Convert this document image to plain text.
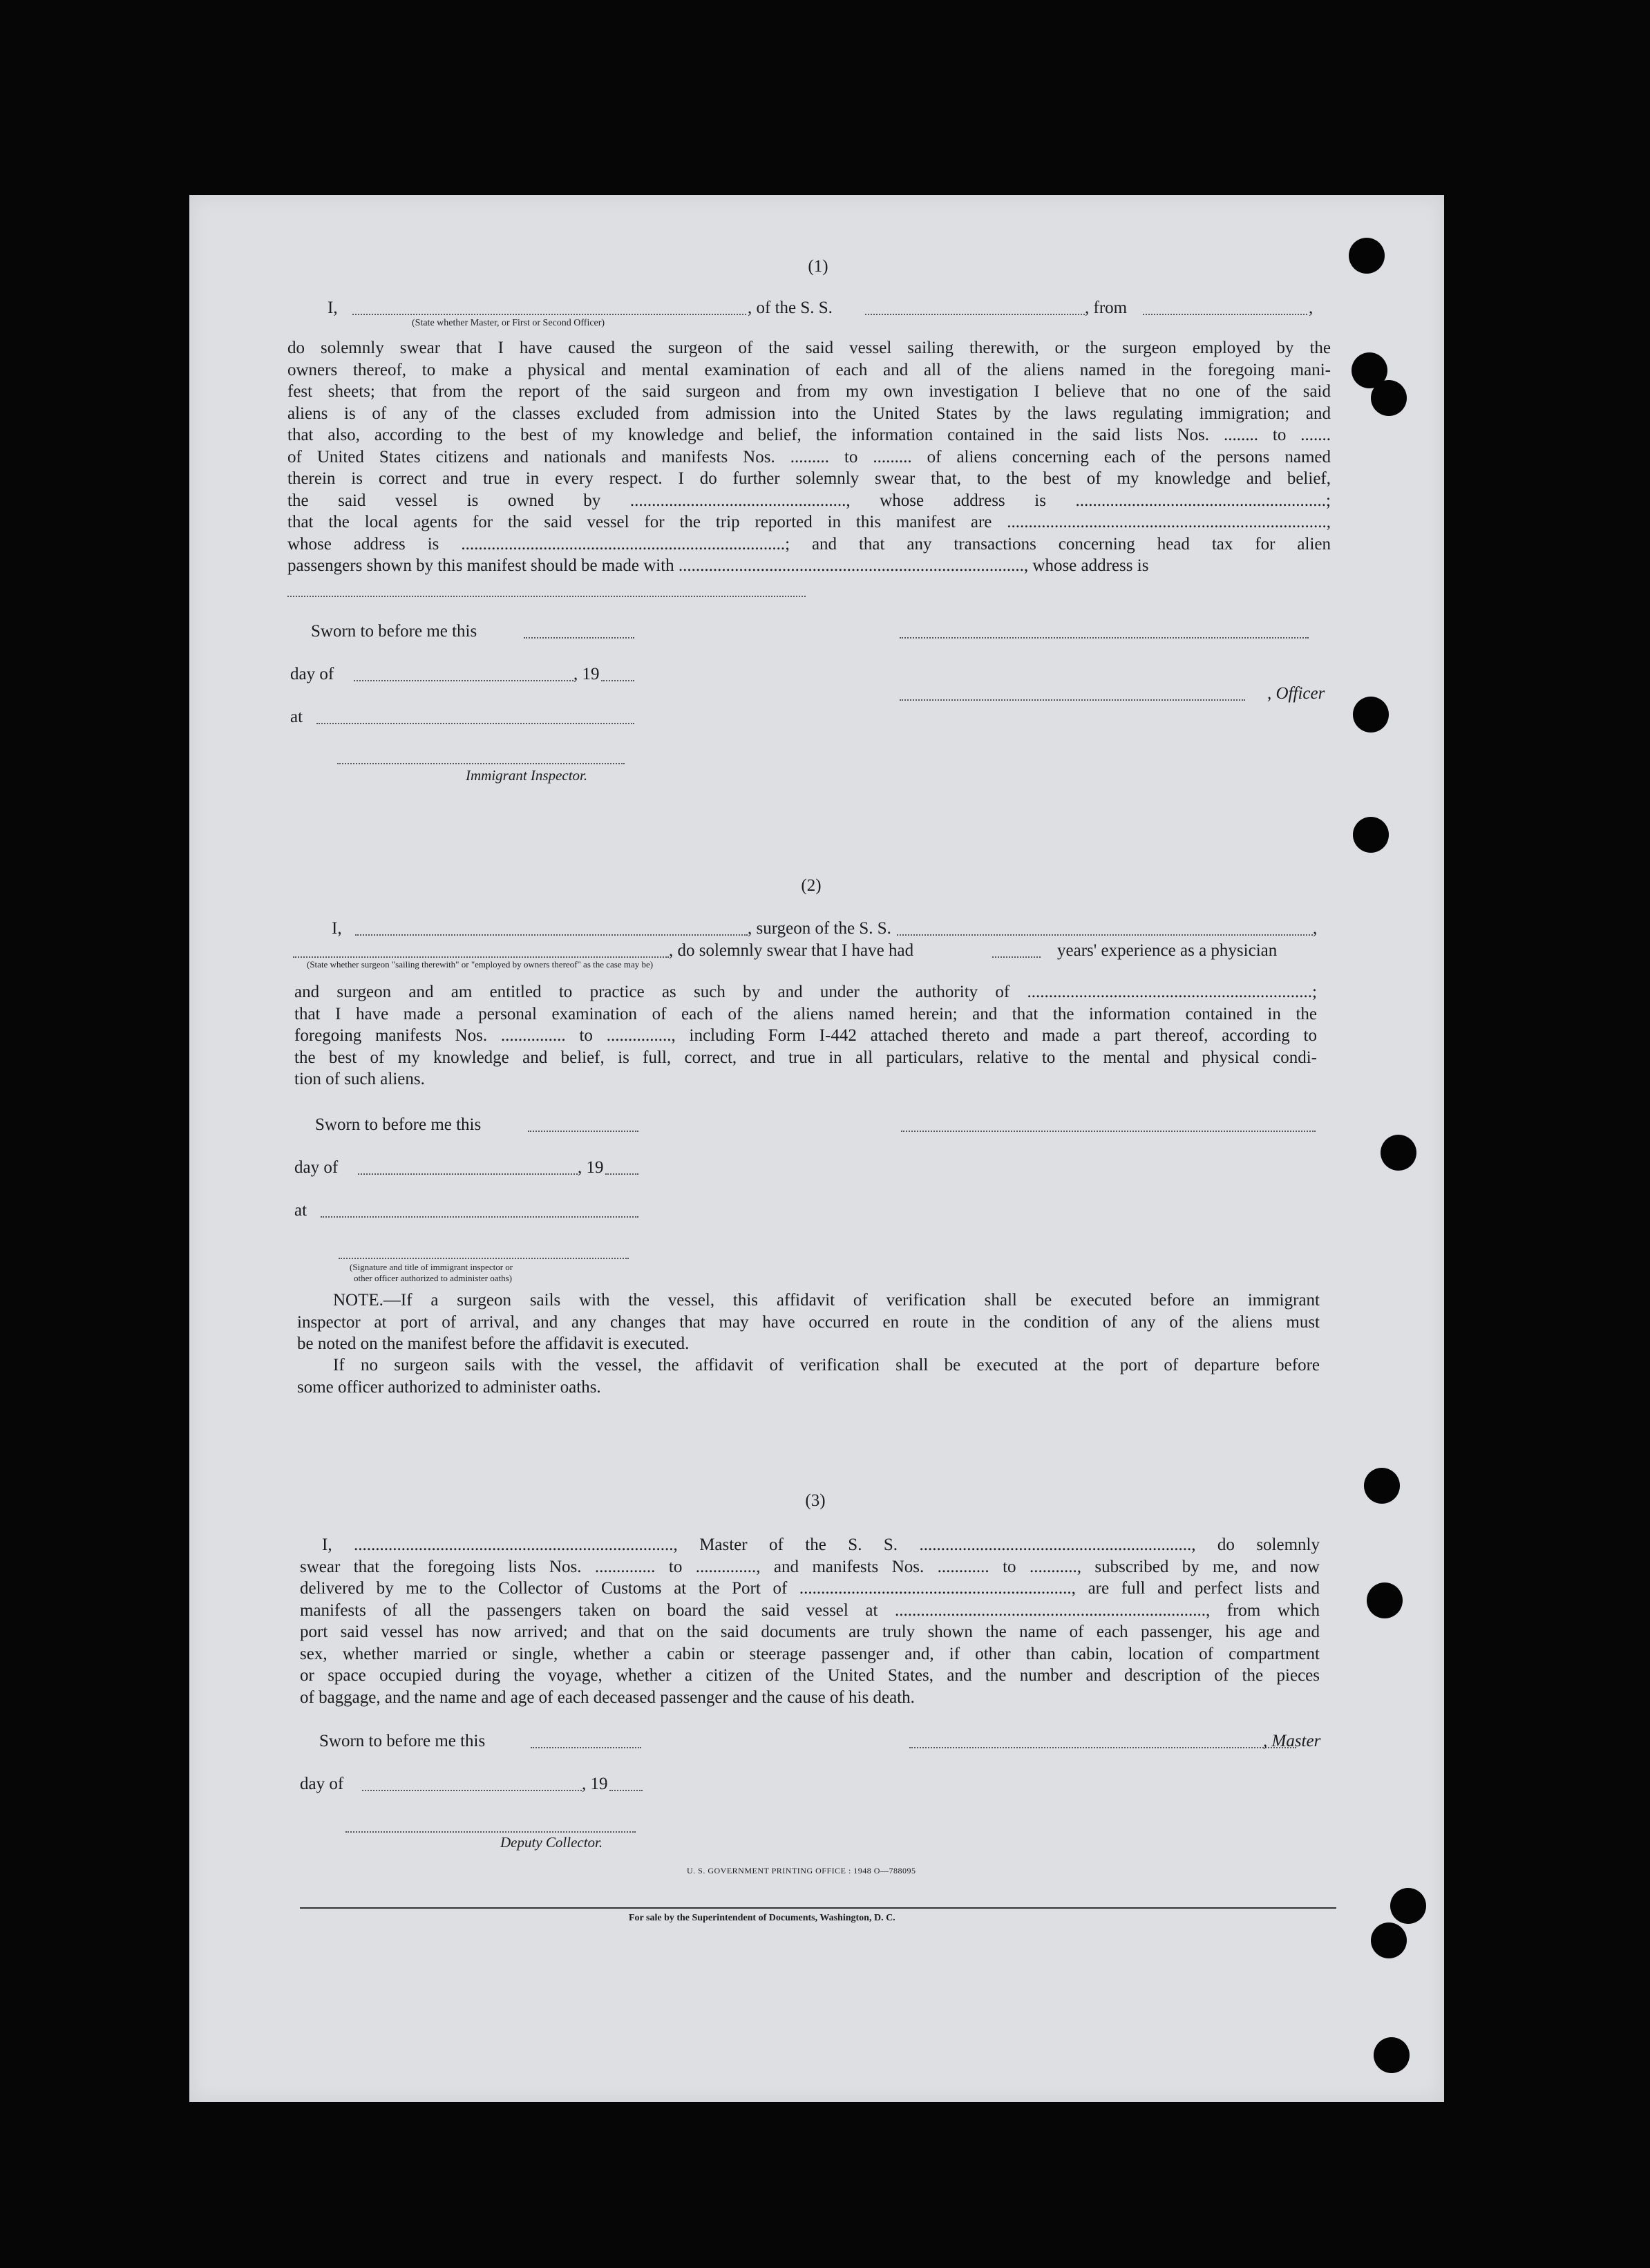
(1)
I,	, of the S. S.	, from	,
(State whether Master, or First or Second Officer)
do solemnly swear that I have caused the surgeon of the said vessel sailing therewith, or the surgeon employed by the
owners thereof, to make a physical and mental examination of each and all of the aliens named in the foregoing mani-
fest sheets; that from the report of the said surgeon and from my own investigation I believe that no one of the said
aliens is of any of the classes excluded from admission into the United States by the laws regulating immigration; and
that also, according to the best of my knowledge and belief, the information contained in the said lists Nos. ........ to .......
of United States citizens and nationals and manifests Nos. ......... to ......... of aliens concerning each of the persons named
therein is correct and true in every respect. I do further solemnly swear that, to the best of my knowledge and belief,
the said vessel is owned by .................................................., whose address is ..........................................................;
that the local agents for the said vessel for the trip reported in this manifest are ..........................................................................,
whose address is ...........................................................................; and that any transactions concerning head tax for alien
passengers shown by this manifest should be made with ................................................................................, whose address is
Sworn to before me this
day of	, 19
, Officer
at
Immigrant Inspector.
(2)
I,	, surgeon of the S. S.	,
, do solemnly swear that I have had	years' experience as a physician
(State whether surgeon "sailing therewith" or "employed by owners thereof" as the case may be)
and surgeon and am entitled to practice as such by and under the authority of ..................................................................;
that I have made a personal examination of each of the aliens named herein; and that the information contained in the
foregoing manifests Nos. ............... to ..............., including Form I-442 attached thereto and made a part thereof, according to
the best of my knowledge and belief, is full, correct, and true in all particulars, relative to the mental and physical condi-
tion of such aliens.
Sworn to before me this
day of	, 19
at
(Signature and title of immigrant inspector or
other officer authorized to administer oaths)
NOTE.—If a surgeon sails with the vessel, this affidavit of verification shall be executed before an immigrant
inspector at port of arrival, and any changes that may have occurred en route in the condition of any of the aliens must
be noted on the manifest before the affidavit is executed.
If no surgeon sails with the vessel, the affidavit of verification shall be executed at the port of departure before
some officer authorized to administer oaths.
(3)
I, .........................................................................., Master of the S. S. ..............................................................., do solemnly
swear that the foregoing lists Nos. .............. to .............., and manifests Nos. ............ to ..........., subscribed by me, and now
delivered by me to the Collector of Customs at the Port of ..............................................................., are full and perfect lists and
manifests of all the passengers taken on board the said vessel at ........................................................................, from which
port said vessel has now arrived; and that on the said documents are truly shown the name of each passenger, his age and
sex, whether married or single, whether a cabin or steerage passenger and, if other than cabin, location of compartment
or space occupied during the voyage, whether a citizen of the United States, and the number and description of the pieces
of baggage, and the name and age of each deceased passenger and the cause of his death.
Sworn to before me this	, Master
day of	, 19
Deputy Collector.
U. S. GOVERNMENT PRINTING OFFICE : 1948 O—788095
For sale by the Superintendent of Documents, Washington, D. C.
